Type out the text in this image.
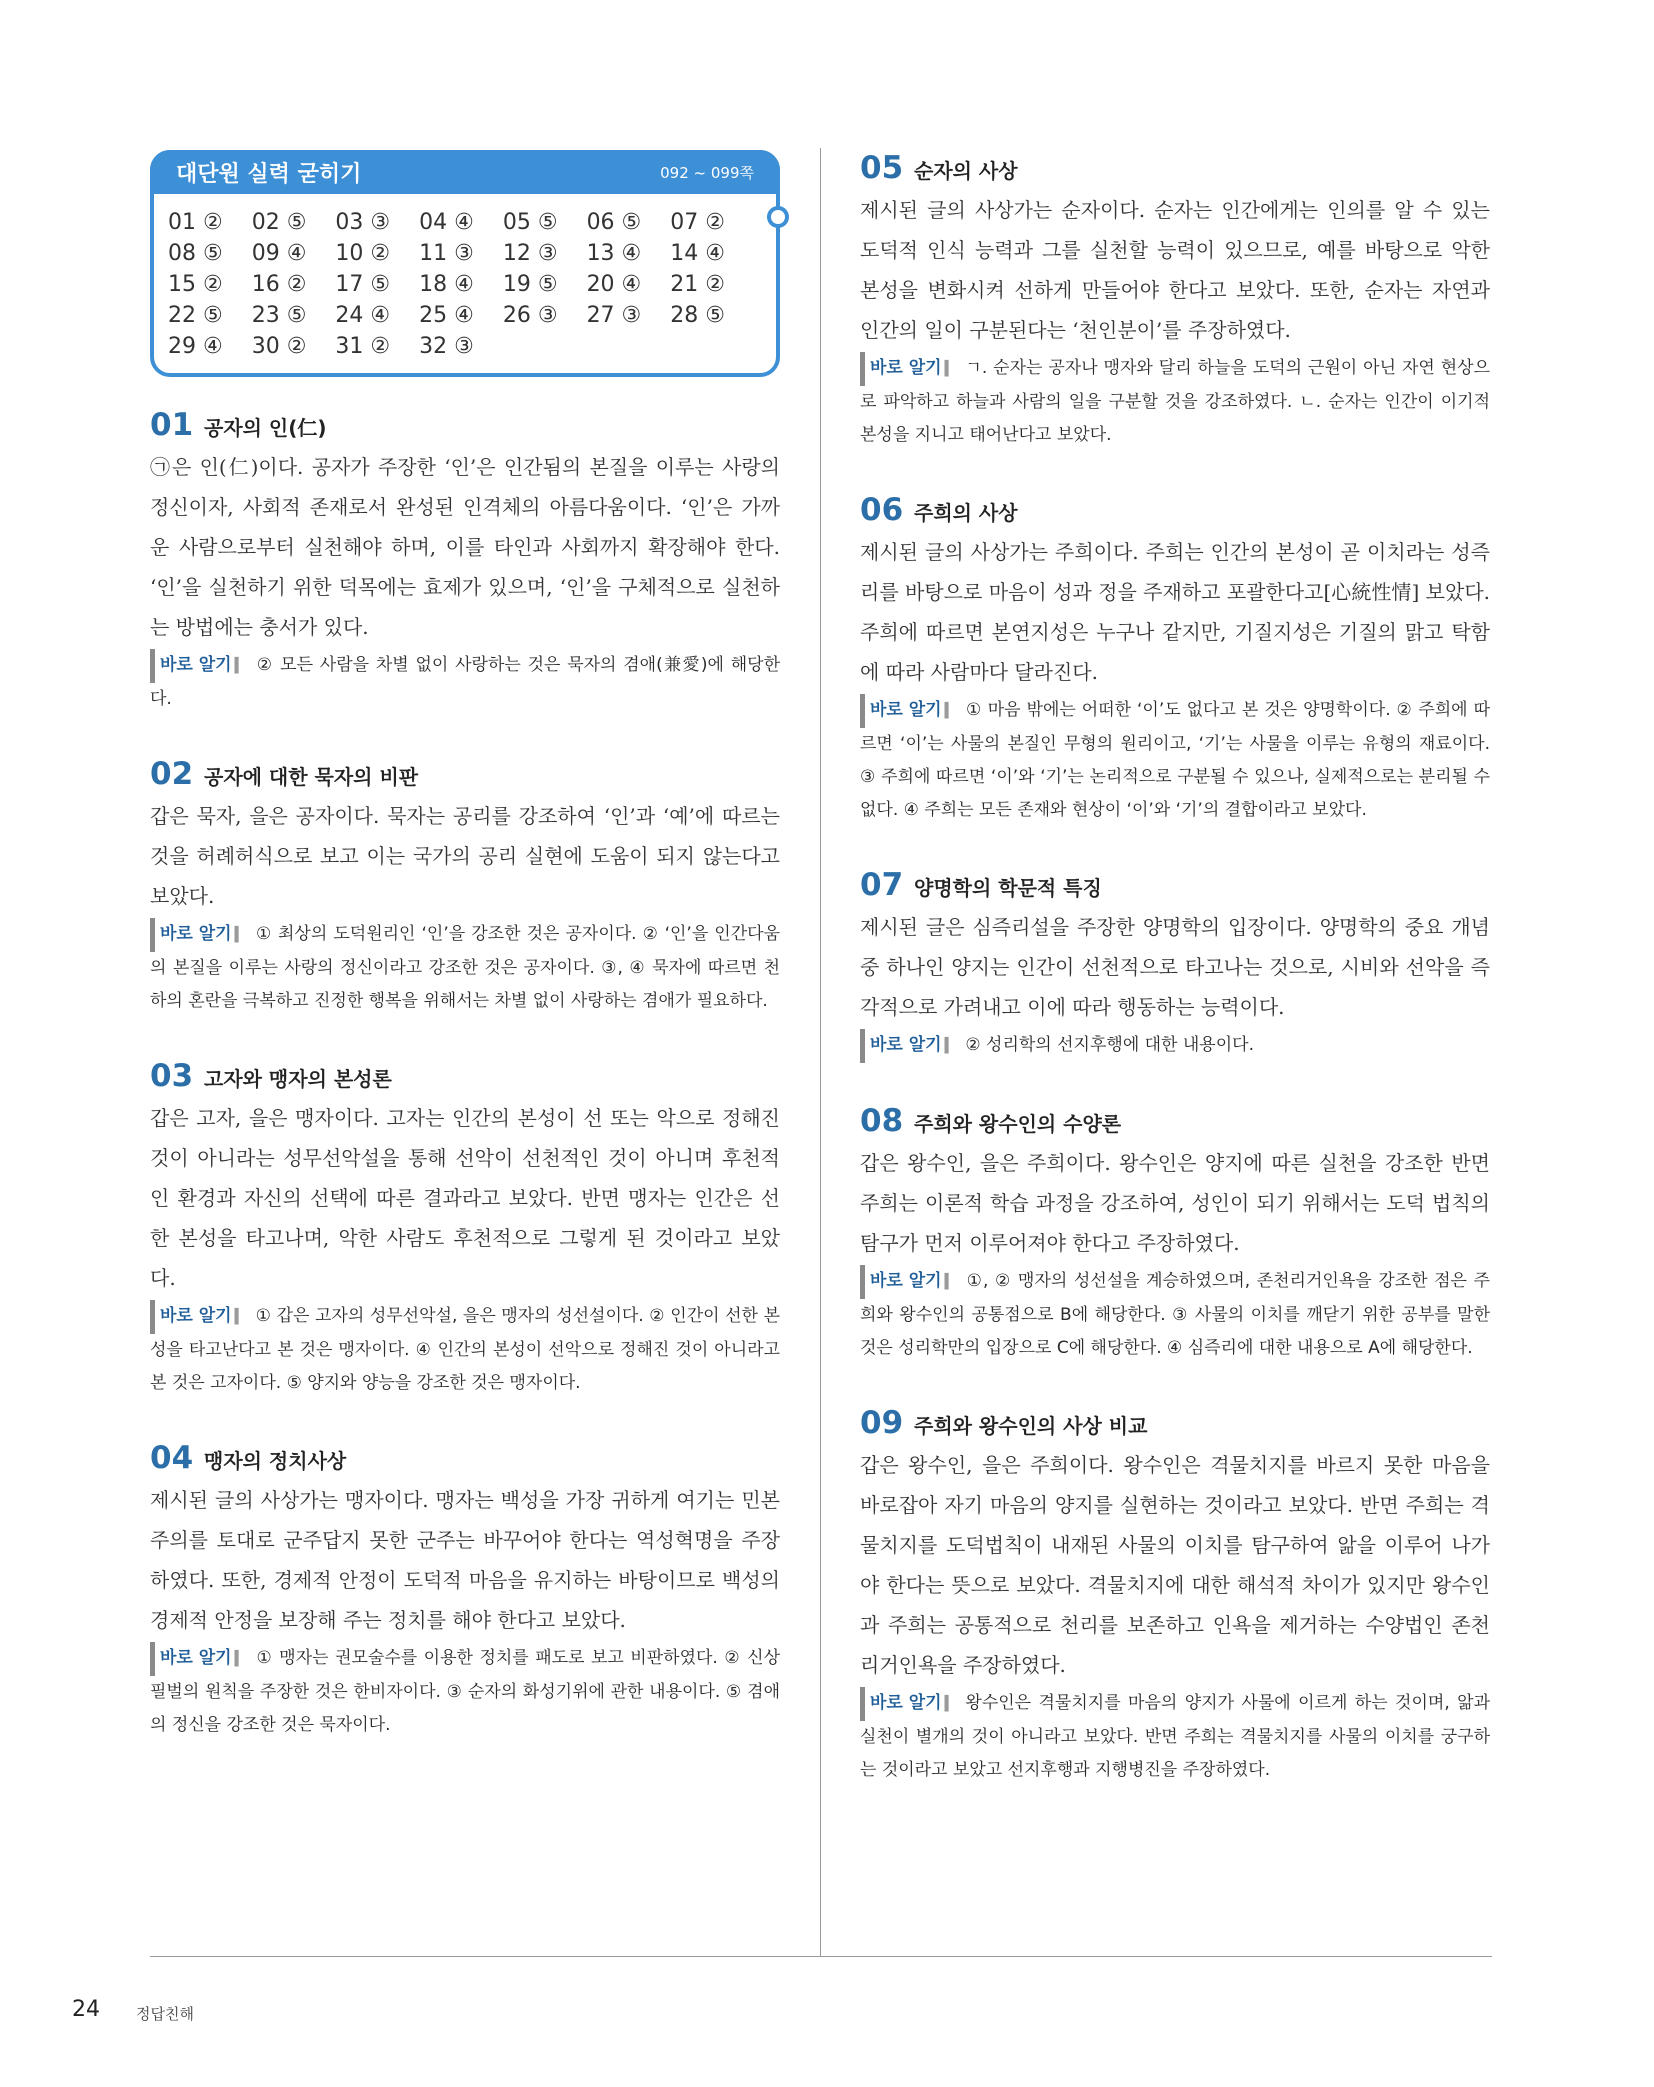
대단원 실력 굳히기	092 ~ 099쪽
01 ②	02 ⑤	03 ③	04 ④	05 ⑤	06 ⑤	07 ②
08 ⑤	09 ④	10 ②	11 ③	12 ③	13 ④	14 ④
15 ②	16 ②	17 ⑤	18 ④	19 ⑤	20 ④	21 ②
22 ⑤	23 ⑤	24 ④	25 ④	26 ③	27 ③	28 ⑤
29 ④	30 ②	31 ②	32 ③
01 공자의 인(仁)

㉠은 인(仁)이다. 공자가 주장한 ‘인’은 인간됨의 본질을 이루는 사랑의 정신이자, 사회적 존재로서 완성된 인격체의 아름다움이다. ‘인’은 가까운 사람으로부터 실천해야 하며, 이를 타인과 사회까지 확장해야 한다. ‘인’을 실천하기 위한 덕목에는 효제가 있으며, ‘인’을 구체적으로 실천하는 방법에는 충서가 있다.

바로 알기 ▍ ② 모든 사람을 차별 없이 사랑하는 것은 묵자의 겸애(兼愛)에 해당한다.

02 공자에 대한 묵자의 비판

갑은 묵자, 을은 공자이다. 묵자는 공리를 강조하여 ‘인’과 ‘예’에 따르는 것을 허례허식으로 보고 이는 국가의 공리 실현에 도움이 되지 않는다고 보았다.

바로 알기 ▍ ① 최상의 도덕원리인 ‘인’을 강조한 것은 공자이다. ② ‘인’을 인간다움의 본질을 이루는 사랑의 정신이라고 강조한 것은 공자이다. ③, ④ 묵자에 따르면 천하의 혼란을 극복하고 진정한 행복을 위해서는 차별 없이 사랑하는 겸애가 필요하다.

03 고자와 맹자의 본성론

갑은 고자, 을은 맹자이다. 고자는 인간의 본성이 선 또는 악으로 정해진 것이 아니라는 성무선악설을 통해 선악이 선천적인 것이 아니며 후천적인 환경과 자신의 선택에 따른 결과라고 보았다. 반면 맹자는 인간은 선한 본성을 타고나며, 악한 사람도 후천적으로 그렇게 된 것이라고 보았다.

바로 알기 ▍ ① 갑은 고자의 성무선악설, 을은 맹자의 성선설이다. ② 인간이 선한 본성을 타고난다고 본 것은 맹자이다. ④ 인간의 본성이 선악으로 정해진 것이 아니라고 본 것은 고자이다. ⑤ 양지와 양능을 강조한 것은 맹자이다.

04 맹자의 정치사상

제시된 글의 사상가는 맹자이다. 맹자는 백성을 가장 귀하게 여기는 민본주의를 토대로 군주답지 못한 군주는 바꾸어야 한다는 역성혁명을 주장하였다. 또한, 경제적 안정이 도덕적 마음을 유지하는 바탕이므로 백성의 경제적 안정을 보장해 주는 정치를 해야 한다고 보았다.

바로 알기 ▍ ① 맹자는 권모술수를 이용한 정치를 패도로 보고 비판하였다. ② 신상필벌의 원칙을 주장한 것은 한비자이다. ③ 순자의 화성기위에 관한 내용이다. ⑤ 겸애의 정신을 강조한 것은 묵자이다.

05 순자의 사상

제시된 글의 사상가는 순자이다. 순자는 인간에게는 인의를 알 수 있는 도덕적 인식 능력과 그를 실천할 능력이 있으므로, 예를 바탕으로 악한 본성을 변화시켜 선하게 만들어야 한다고 보았다. 또한, 순자는 자연과 인간의 일이 구분된다는 ‘천인분이’를 주장하였다.

바로 알기 ▍ ㄱ. 순자는 공자나 맹자와 달리 하늘을 도덕의 근원이 아닌 자연 현상으로 파악하고 하늘과 사람의 일을 구분할 것을 강조하였다. ㄴ. 순자는 인간이 이기적 본성을 지니고 태어난다고 보았다.

06 주희의 사상

제시된 글의 사상가는 주희이다. 주희는 인간의 본성이 곧 이치라는 성즉리를 바탕으로 마음이 성과 정을 주재하고 포괄한다고[心統性情] 보았다. 주희에 따르면 본연지성은 누구나 같지만, 기질지성은 기질의 맑고 탁함에 따라 사람마다 달라진다.

바로 알기 ▍ ① 마음 밖에는 어떠한 ‘이’도 없다고 본 것은 양명학이다. ② 주희에 따르면 ‘이’는 사물의 본질인 무형의 원리이고, ‘기’는 사물을 이루는 유형의 재료이다. ③ 주희에 따르면 ‘이’와 ‘기’는 논리적으로 구분될 수 있으나, 실제적으로는 분리될 수 없다. ④ 주희는 모든 존재와 현상이 ‘이’와 ‘기’의 결합이라고 보았다.

07 양명학의 학문적 특징

제시된 글은 심즉리설을 주장한 양명학의 입장이다. 양명학의 중요 개념 중 하나인 양지는 인간이 선천적으로 타고나는 것으로, 시비와 선악을 즉각적으로 가려내고 이에 따라 행동하는 능력이다.

바로 알기 ▍ ② 성리학의 선지후행에 대한 내용이다.

08 주희와 왕수인의 수양론

갑은 왕수인, 을은 주희이다. 왕수인은 양지에 따른 실천을 강조한 반면 주희는 이론적 학습 과정을 강조하여, 성인이 되기 위해서는 도덕 법칙의 탐구가 먼저 이루어져야 한다고 주장하였다.

바로 알기 ▍ ①, ② 맹자의 성선설을 계승하였으며, 존천리거인욕을 강조한 점은 주희와 왕수인의 공통점으로 B에 해당한다. ③ 사물의 이치를 깨닫기 위한 공부를 말한 것은 성리학만의 입장으로 C에 해당한다. ④ 심즉리에 대한 내용으로 A에 해당한다.

09 주희와 왕수인의 사상 비교

갑은 왕수인, 을은 주희이다. 왕수인은 격물치지를 바르지 못한 마음을 바로잡아 자기 마음의 양지를 실현하는 것이라고 보았다. 반면 주희는 격물치지를 도덕법칙이 내재된 사물의 이치를 탐구하여 앎을 이루어 나가야 한다는 뜻으로 보았다. 격물치지에 대한 해석적 차이가 있지만 왕수인과 주희는 공통적으로 천리를 보존하고 인욕을 제거하는 수양법인 존천리거인욕을 주장하였다.

바로 알기 ▍ 왕수인은 격물치지를 마음의 양지가 사물에 이르게 하는 것이며, 앎과 실천이 별개의 것이 아니라고 보았다. 반면 주희는 격물치지를 사물의 이치를 궁구하는 것이라고 보았고 선지후행과 지행병진을 주장하였다.

24 정답친해
